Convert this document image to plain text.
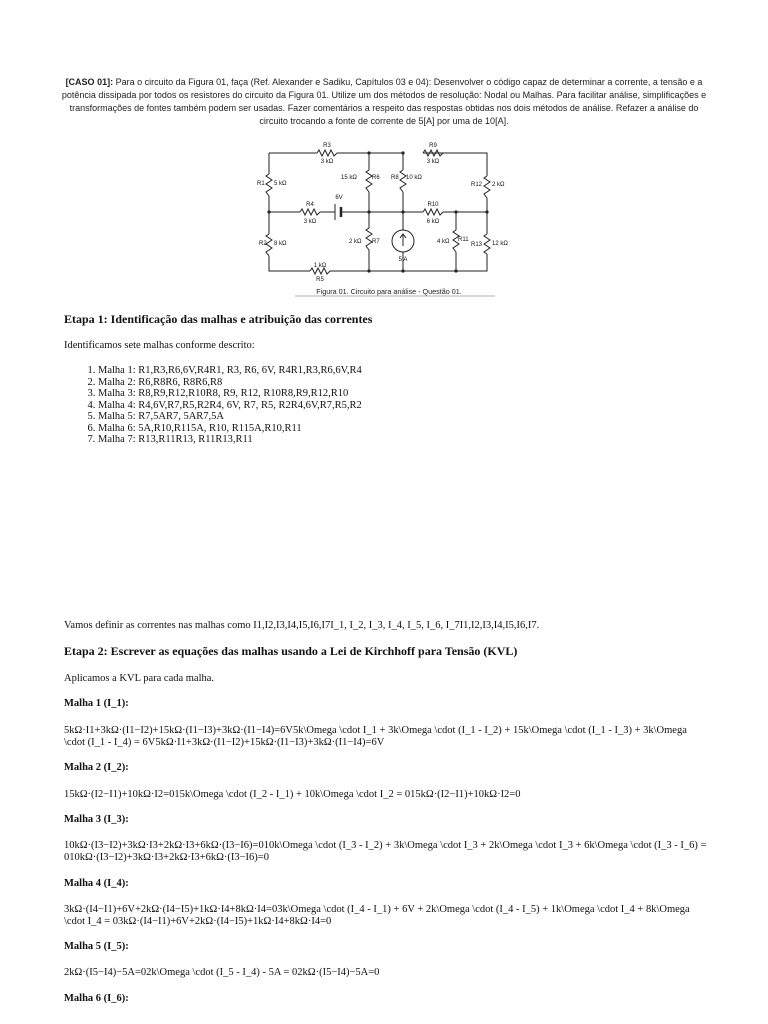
[CASO 01]: Para o circuito da Figura 01, faça (Ref. Alexander e Sadiku, Capítulos 03 e 04): Desenvolver o código capaz de determinar a corrente, a tensão e a potência dissipada por todos os resistores do circuito da Figura 01. Utilize um dos métodos de resolução: Nodal ou Malhas. Para facilitar análise, simplificações e transformações de fontes também podem ser usadas. Fazer comentários a respeito das respostas obtidas nos dois métodos de análise. Refazer a análise do circuito trocando a fonte de corrente de 5[A] por uma de 10[A].
R3
3 kΩ
R9
3 kΩ
R1 5 kΩ
15 kΩ	R6 R8 10 kΩ
R12 2 kΩ
R4
3 kΩ
6V
R10
6 kΩ
R2 8 kΩ	2 kΩ R7
5 A
4 kΩ R11
R13 12 kΩ
1 kΩ
R5
Figura 01. Circuito para análise - Questão 01.
Etapa 1: Identificação das malhas e atribuição das correntes
Identificamos sete malhas conforme descrito:
1. Malha 1: R1,R3,R6,6V,R4R1, R3, R6, 6V, R4R1,R3,R6,6V,R4
2. Malha 2: R6,R8R6, R8R6,R8
3. Malha 3: R8,R9,R12,R10R8, R9, R12, R10R8,R9,R12,R10
4. Malha 4: R4,6V,R7,R5,R2R4, 6V, R7, R5, R2R4,6V,R7,R5,R2
5. Malha 5: R7,5AR7, 5AR7,5A
6. Malha 6: 5A,R10,R115A, R10, R115A,R10,R11
7. Malha 7: R13,R11R13, R11R13,R11
Vamos definir as correntes nas malhas como I1,I2,I3,I4,I5,I6,I7I_1, I_2, I_3, I_4, I_5, I_6, I_7I1,I2,I3,I4,I5,I6,I7.
Etapa 2: Escrever as equações das malhas usando a Lei de Kirchhoff para Tensão (KVL)
Aplicamos a KVL para cada malha.
Malha 1 (I_1):
5kΩ·I1+3kΩ·(I1−I2)+15kΩ·(I1−I3)+3kΩ·(I1−I4)=6V5k\Omega \cdot I_1 + 3k\Omega \cdot (I_1 - I_2) + 15k\Omega \cdot (I_1 - I_3) + 3k\Omega \cdot (I_1 - I_4) = 6V5kΩ·I1+3kΩ·(I1−I2)+15kΩ·(I1−I3)+3kΩ·(I1−I4)=6V
Malha 2 (I_2):
15kΩ·(I2−I1)+10kΩ·I2=015k\Omega \cdot (I_2 - I_1) + 10k\Omega \cdot I_2 = 015kΩ·(I2−I1)+10kΩ·I2=0
Malha 3 (I_3):
10kΩ·(I3−I2)+3kΩ·I3+2kΩ·I3+6kΩ·(I3−I6)=010k\Omega \cdot (I_3 - I_2) + 3k\Omega \cdot I_3 + 2k\Omega \cdot I_3 + 6k\Omega \cdot (I_3 - I_6) = 010kΩ·(I3−I2)+3kΩ·I3+2kΩ·I3+6kΩ·(I3−I6)=0
Malha 4 (I_4):
3kΩ·(I4−I1)+6V+2kΩ·(I4−I5)+1kΩ·I4+8kΩ·I4=03k\Omega \cdot (I_4 - I_1) + 6V + 2k\Omega \cdot (I_4 - I_5) + 1k\Omega \cdot I_4 + 8k\Omega \cdot I_4 = 03kΩ·(I4−I1)+6V+2kΩ·(I4−I5)+1kΩ·I4+8kΩ·I4=0
Malha 5 (I_5):
2kΩ·(I5−I4)−5A=02k\Omega \cdot (I_5 - I_4) - 5A = 02kΩ·(I5−I4)−5A=0
Malha 6 (I_6):
